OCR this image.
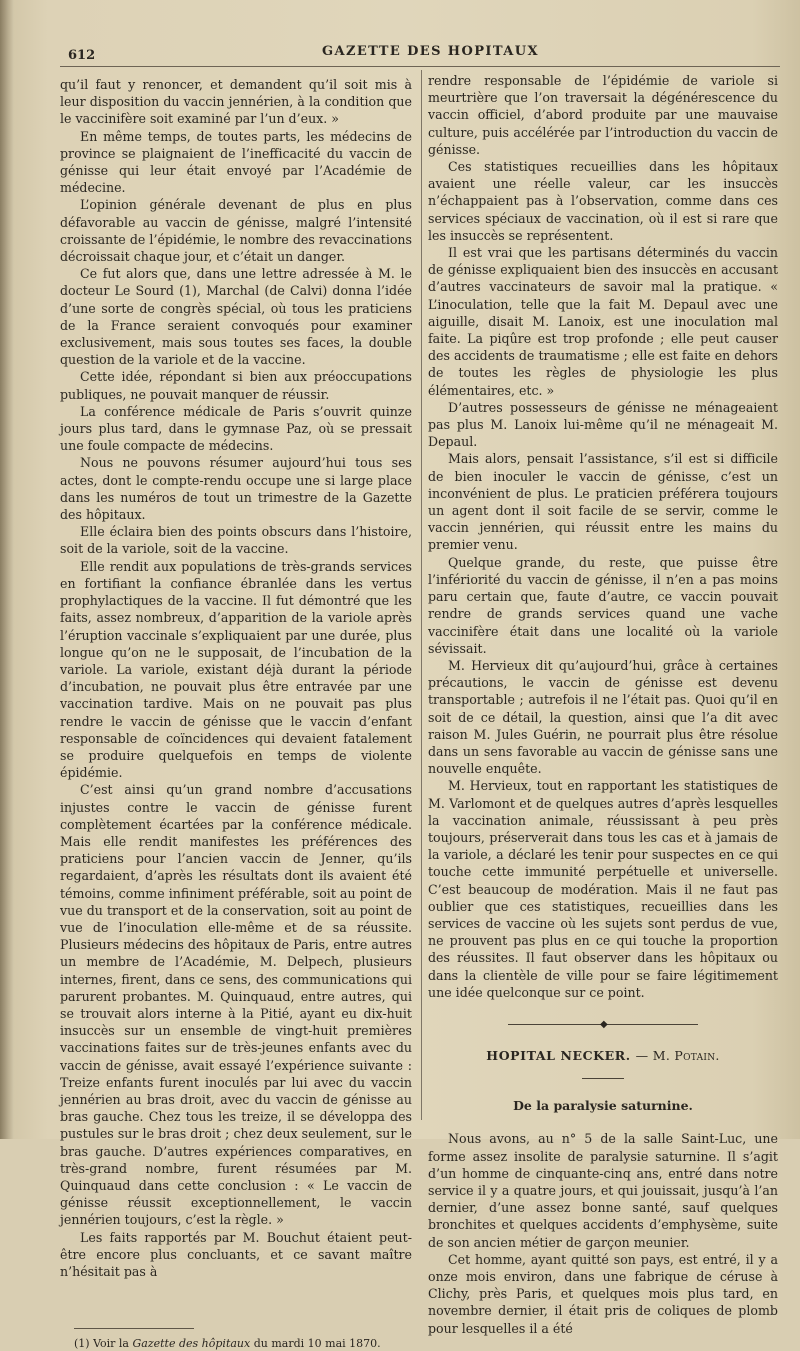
612	GAZETTE DES HOPITAUX

qu’il faut y renoncer, et demandent qu’il soit mis à leur disposition du vaccin jennérien, à la condition que le vaccinifère soit examiné par l’un d’eux. »

En même temps, de toutes parts, les médecins de province se plaignaient de l’inefficacité du vaccin de génisse qui leur était envoyé par l’Académie de médecine.

L’opinion générale devenant de plus en plus défavorable au vaccin de génisse, malgré l’intensité croissante de l’épidémie, le nombre des revaccinations décroissait chaque jour, et c’était un danger.

Ce fut alors que, dans une lettre adressée à M. le docteur Le Sourd (1), Marchal (de Calvi) donna l’idée d’une sorte de congrès spécial, où tous les praticiens de la France seraient convoqués pour examiner exclusivement, mais sous toutes ses faces, la double question de la variole et de la vaccine.

Cette idée, répondant si bien aux préoccupations publiques, ne pouvait manquer de réussir.

La conférence médicale de Paris s’ouvrit quinze jours plus tard, dans le gymnase Paz, où se pressait une foule compacte de médecins.

Nous ne pouvons résumer aujourd’hui tous ses actes, dont le compte-rendu occupe une si large place dans les numéros de tout un trimestre de la Gazette des hôpitaux.

Elle éclaira bien des points obscurs dans l’histoire, soit de la variole, soit de la vaccine.

Elle rendit aux populations de très-grands services en fortifiant la confiance ébranlée dans les vertus prophylactiques de la vaccine. Il fut démontré que les faits, assez nombreux, d’apparition de la variole après l’éruption vaccinale s’expliquaient par une durée, plus longue qu’on ne le supposait, de l’incubation de la variole. La variole, existant déjà durant la période d’incubation, ne pouvait plus être entravée par une vaccination tardive. Mais on ne pouvait pas plus rendre le vaccin de génisse que le vaccin d’enfant responsable de coïncidences qui devaient fatalement se produire quelquefois en temps de violente épidémie.

C’est ainsi qu’un grand nombre d’accusations injustes contre le vaccin de génisse furent complètement écartées par la conférence médicale. Mais elle rendit manifestes les préférences des praticiens pour l’ancien vaccin de Jenner, qu’ils regardaient, d’après les résultats dont ils avaient été témoins, comme infiniment préférable, soit au point de vue du transport et de la conservation, soit au point de vue de l’inoculation elle-même et de sa réussite. Plusieurs médecins des hôpitaux de Paris, entre autres un membre de l’Académie, M. Delpech, plusieurs internes, firent, dans ce sens, des communications qui parurent probantes. M. Quinquaud, entre autres, qui se trouvait alors interne à la Pitié, ayant eu dix-huit insuccès sur un ensemble de vingt-huit premières vaccinations faites sur de très-jeunes enfants avec du vaccin de génisse, avait essayé l’expérience suivante : Treize enfants furent inoculés par lui avec du vaccin jennérien au bras droit, avec du vaccin de génisse au bras gauche. Chez tous les treize, il se développa des pustules sur le bras droit ; chez deux seulement, sur le bras gauche. D’autres expériences comparatives, en très-grand nombre, furent résumées par M. Quinquaud dans cette conclusion : « Le vaccin de génisse réussit exceptionnellement, le vaccin jennérien toujours, c’est la règle. »

Les faits rapportés par M. Bouchut étaient peut-être encore plus concluants, et ce savant maître n’hésitait pas à

(1) Voir la Gazette des hôpitaux du mardi 10 mai 1870.

rendre responsable de l’épidémie de variole si meurtrière que l’on traversait la dégénérescence du vaccin officiel, d’abord produite par une mauvaise culture, puis accélérée par l’introduction du vaccin de génisse.

Ces statistiques recueillies dans les hôpitaux avaient une réelle valeur, car les insuccès n’échappaient pas à l’observation, comme dans ces services spéciaux de vaccination, où il est si rare que les insuccès se représentent.

Il est vrai que les partisans déterminés du vaccin de génisse expliquaient bien des insuccès en accusant d’autres vaccinateurs de savoir mal la pratique. « L’inoculation, telle que la fait M. Depaul avec une aiguille, disait M. Lanoix, est une inoculation mal faite. La piqûre est trop profonde ; elle peut causer des accidents de traumatisme ; elle est faite en dehors de toutes les règles de physiologie les plus élémentaires, etc. »

D’autres possesseurs de génisse ne ménageaient pas plus M. Lanoix lui-même qu’il ne ménageait M. Depaul.

Mais alors, pensait l’assistance, s’il est si difficile de bien inoculer le vaccin de génisse, c’est un inconvénient de plus. Le praticien préférera toujours un agent dont il soit facile de se servir, comme le vaccin jennérien, qui réussit entre les mains du premier venu.

Quelque grande, du reste, que puisse être l’infériorité du vaccin de génisse, il n’en a pas moins paru certain que, faute d’autre, ce vaccin pouvait rendre de grands services quand une vache vaccinifère était dans une localité où la variole sévissait.

M. Hervieux dit qu’aujourd’hui, grâce à certaines précautions, le vaccin de génisse est devenu transportable ; autrefois il ne l’était pas. Quoi qu’il en soit de ce détail, la question, ainsi que l’a dit avec raison M. Jules Guérin, ne pourrait plus être résolue dans un sens favorable au vaccin de génisse sans une nouvelle enquête.

M. Hervieux, tout en rapportant les statistiques de M. Varlomont et de quelques autres d’après lesquelles la vaccination animale, réussissant à peu près toujours, préserverait dans tous les cas et à jamais de la variole, a déclaré les tenir pour suspectes en ce qui touche cette immunité perpétuelle et universelle. C’est beaucoup de modération. Mais il ne faut pas oublier que ces statistiques, recueillies dans les services de vaccine où les sujets sont perdus de vue, ne prouvent pas plus en ce qui touche la proportion des réussites. Il faut observer dans les hôpitaux ou dans la clientèle de ville pour se faire légitimement une idée quelconque sur ce point.

◆
HOPITAL NECKER. — M. Potain.
De la paralysie saturnine.

Nous avons, au n° 5 de la salle Saint-Luc, une forme assez insolite de paralysie saturnine. Il s’agit d’un homme de cinquante-cinq ans, entré dans notre service il y a quatre jours, et qui jouissait, jusqu’à l’an dernier, d’une assez bonne santé, sauf quelques bronchites et quelques accidents d’emphysème, suite de son ancien métier de garçon meunier.

Cet homme, ayant quitté son pays, est entré, il y a onze mois environ, dans une fabrique de céruse à Clichy, près Paris, et quelques mois plus tard, en novembre dernier, il était pris de coliques de plomb pour lesquelles il a été
